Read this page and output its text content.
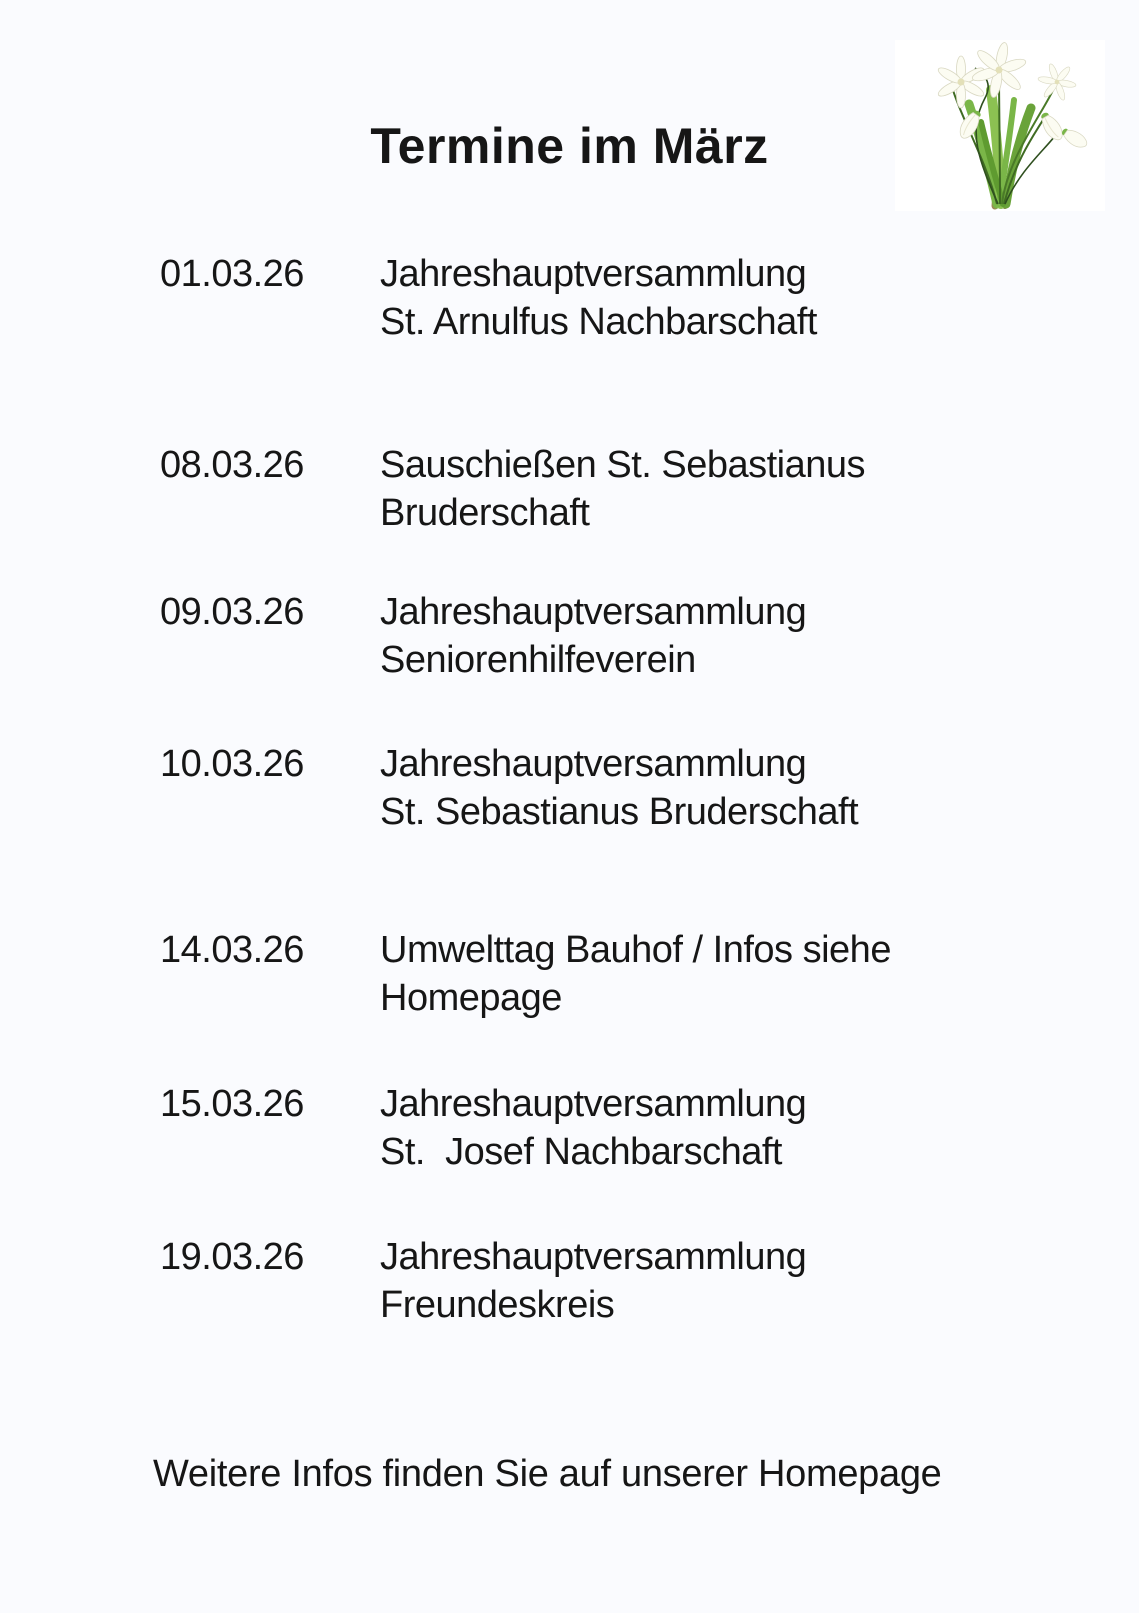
Termine im März
01.03.26	Jahreshauptversammlung
St. Arnulfus Nachbarschaft
08.03.26	Sauschießen St. Sebastianus
Bruderschaft
09.03.26	Jahreshauptversammlung
Seniorenhilfeverein
10.03.26	Jahreshauptversammlung
St. Sebastianus Bruderschaft
14.03.26	Umwelttag Bauhof / Infos siehe
Homepage
15.03.26	Jahreshauptversammlung
St.  Josef Nachbarschaft
19.03.26	Jahreshauptversammlung
Freundeskreis
Weitere Infos finden Sie auf unserer Homepage
